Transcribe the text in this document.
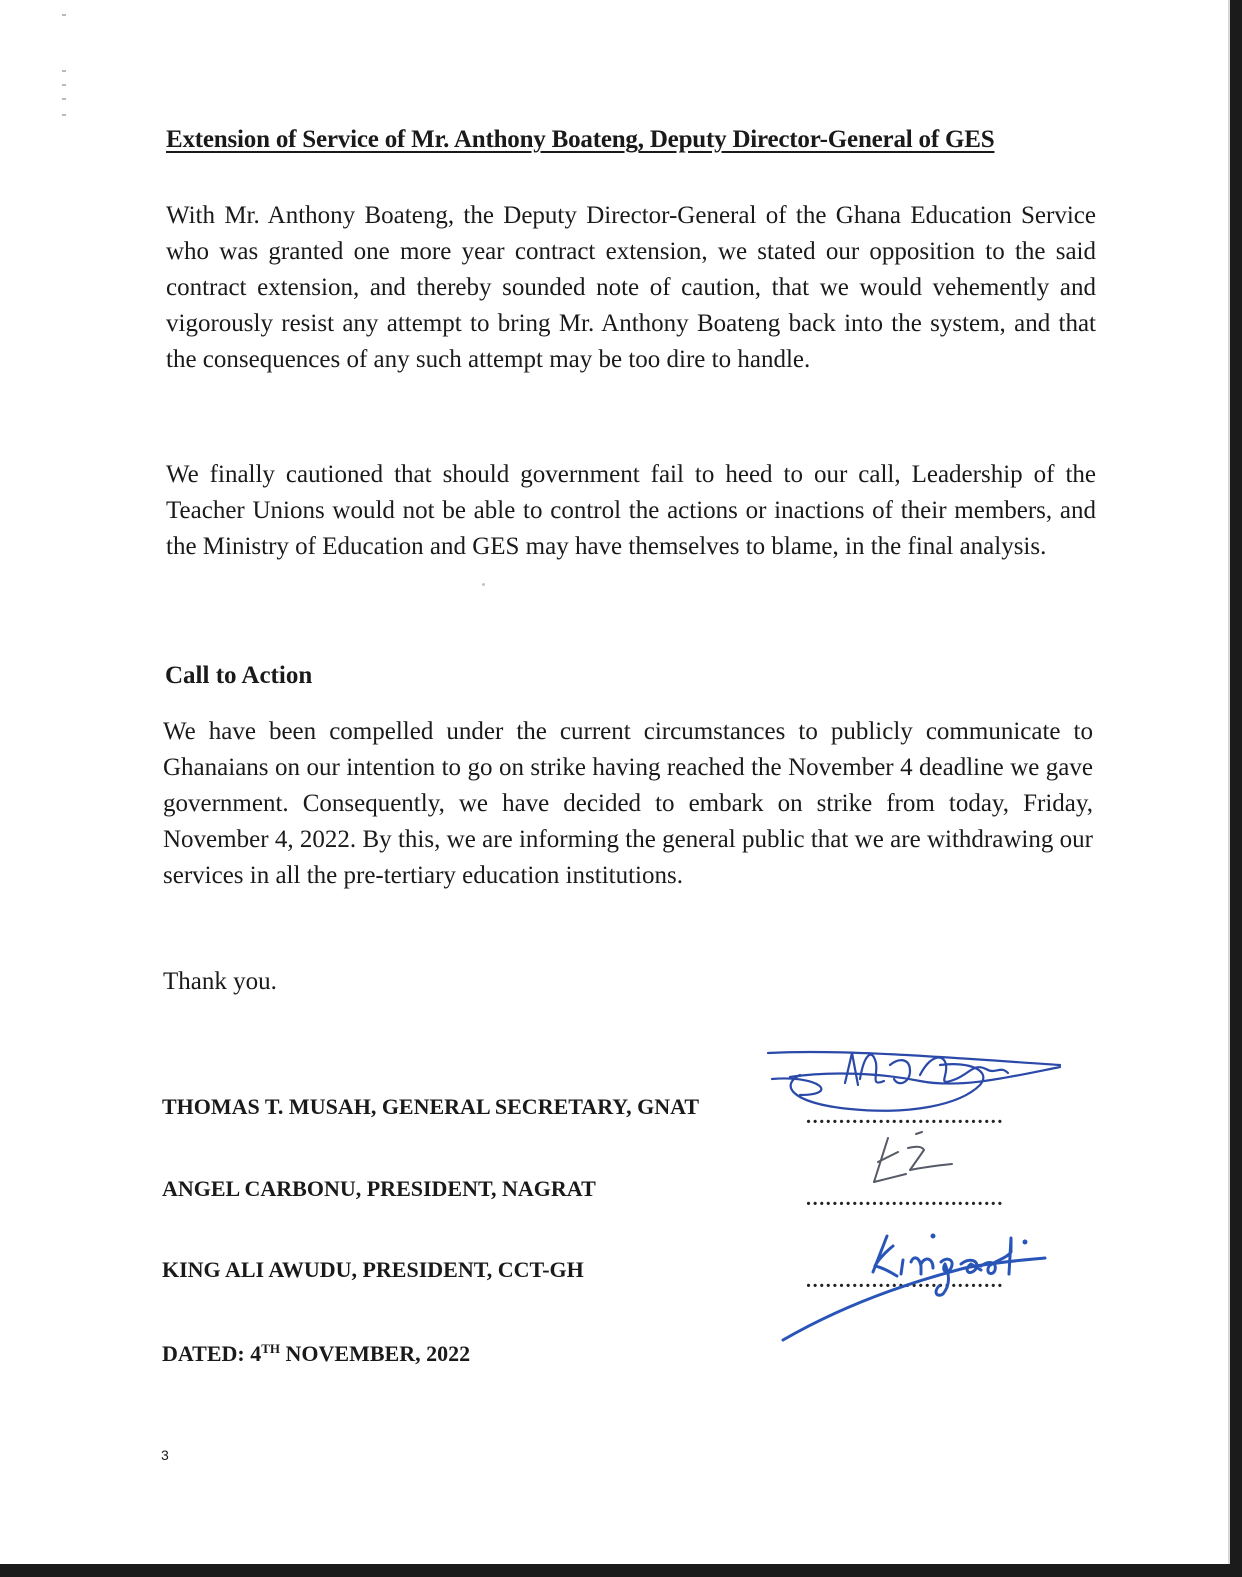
Extension of Service of Mr. Anthony Boateng, Deputy Director-General of GES
With Mr. Anthony Boateng, the Deputy Director-General of the Ghana Education Service who was granted one more year contract extension, we stated our opposition to the said contract extension, and thereby sounded note of caution, that we would vehemently and vigorously resist any attempt to bring Mr. Anthony Boateng back into the system, and that the consequences of any such attempt may be too dire to handle.
We finally cautioned that should government fail to heed to our call, Leadership of the Teacher Unions would not be able to control the actions or inactions of their members, and the Ministry of Education and GES may have themselves to blame, in the final analysis.
Call to Action
We have been compelled under the current circumstances to publicly communicate to Ghanaians on our intention to go on strike having reached the November 4 deadline we gave government. Consequently, we have decided to embark on strike from today, Friday, November 4, 2022. By this, we are informing the general public that we are withdrawing our services in all the pre-tertiary education institutions.
Thank you.
THOMAS T. MUSAH, GENERAL SECRETARY, GNAT	..............................
ANGEL CARBONU, PRESIDENT, NAGRAT	..............................
KING ALI AWUDU, PRESIDENT, CCT-GH	..............................
DATED: 4TH NOVEMBER, 2022
3
